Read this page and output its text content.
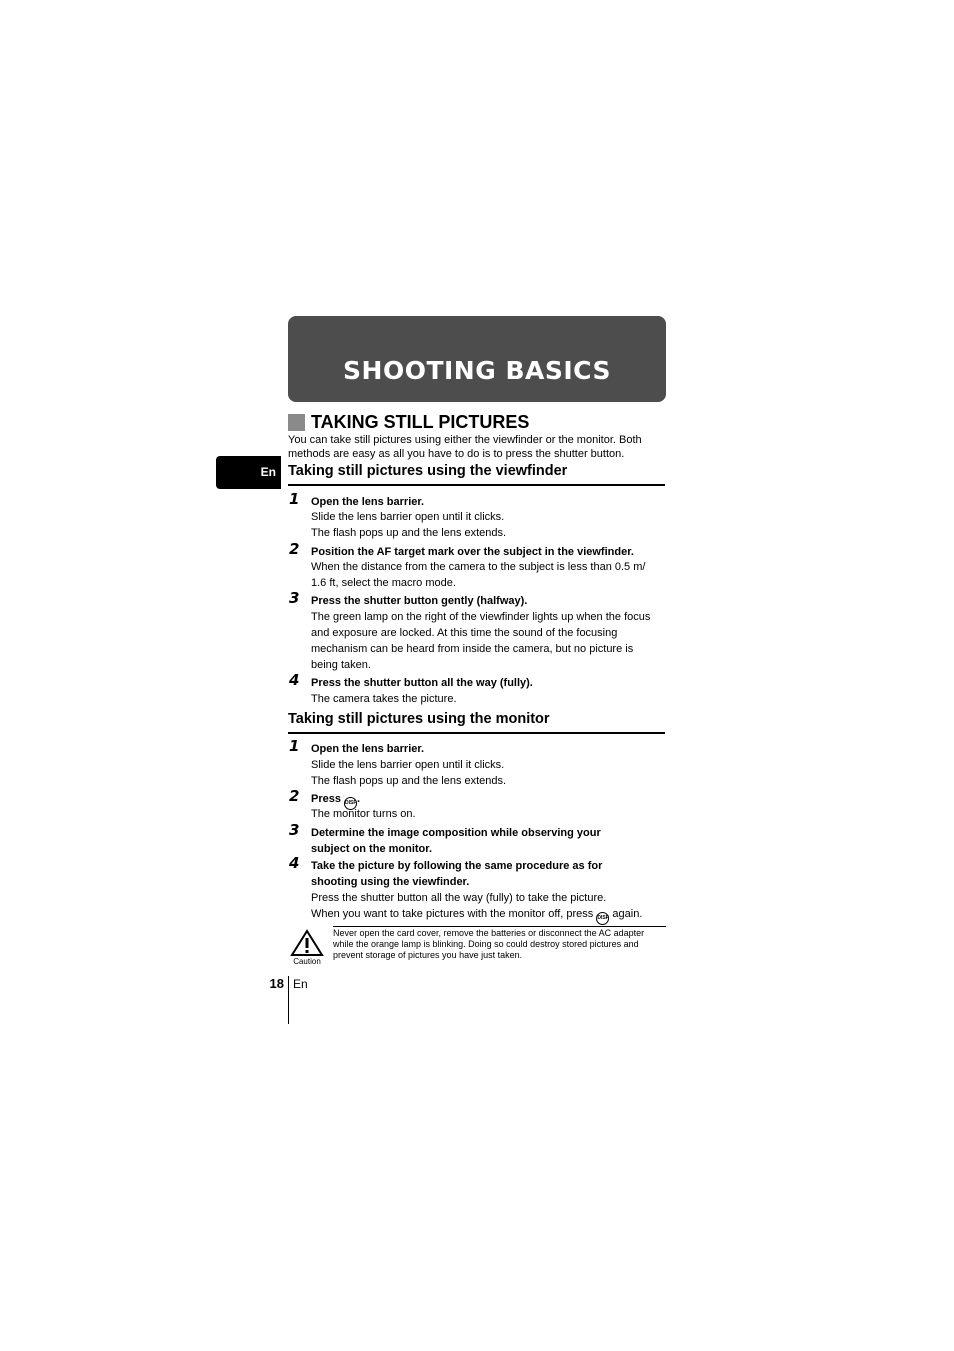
SHOOTING BASICS
TAKING STILL PICTURES
You can take still pictures using either the viewfinder or the monitor. Both
methods are easy as all you have to do is to press the shutter button.
En Taking still pictures using the viewfinder
1 Open the lens barrier.
Slide the lens barrier open until it clicks.
The flash pops up and the lens extends.
2 Position the AF target mark over the subject in the viewfinder.
When the distance from the camera to the subject is less than 0.5 m/
1.6 ft, select the macro mode.
3 Press the shutter button gently (halfway).
The green lamp on the right of the viewfinder lights up when the focus
and exposure are locked. At this time the sound of the focusing
mechanism can be heard from inside the camera, but no picture is
being taken.
4 Press the shutter button all the way (fully).
The camera takes the picture.
Taking still pictures using the monitor
1 Open the lens barrier.
Slide the lens barrier open until it clicks.
The flash pops up and the lens extends.
2 Press DISP.
The monitor turns on.
3 Determine the image composition while observing your
subject on the monitor.
4 Take the picture by following the same procedure as for
shooting using the viewfinder.
Press the shutter button all the way (fully) to take the picture.
When you want to take pictures with the monitor off, press DISP again.
Caution
Never open the card cover, remove the batteries or disconnect the AC adapter
while the orange lamp is blinking. Doing so could destroy stored pictures and
prevent storage of pictures you have just taken.
18 En
